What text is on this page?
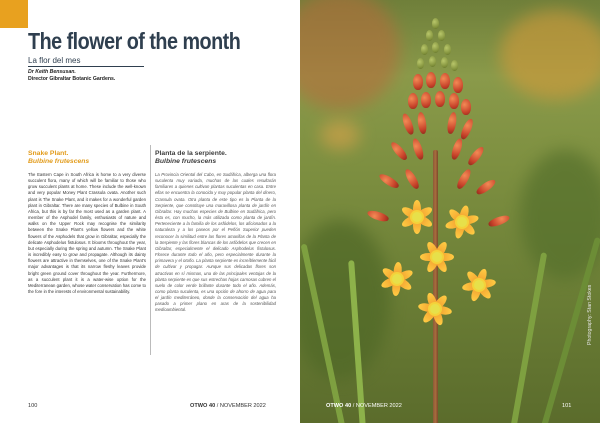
The flower of the month
La flor del mes
Dr Keith Bensusan.
Director Gibraltar Botanic Gardens.
Snake Plant.
Bulbine frutescens
The Eastern Cape in South Africa is home to a very diverse succulent flora, many of which will be familiar to those who grow succulent plants at home. These include the well-known and very popular Money Plant Crassula ovata. Another such plant is The Snake Plant, and it makes for a wonderful garden plant in Gibraltar. There are many species of Bulbine in South Africa, but this is by far the most used as a garden plant. A member of the Asphodel family, enthusiasts of nature and walks on the Upper Rock may recognise the similarity between the Snake Plant's yellow flowers and the white flowers of the Asphodels that grow in Gibraltar, especially the delicate Asphodelus fistulosus. It blooms throughout the year, but especially during the spring and autumn. The Snake Plant is incredibly easy to grow and propagate. Although its dainty flowers are attractive in themselves, one of the Snake Plant's major advantages is that its narrow fleshy leaves provide bright green ground cover throughout the year. Furthermore, as a succulent plant it is a water-wise option for the Mediterranean garden, whose water conservation has come to the fore in the interests of environmental sustainability.
Planta de la serpiente.
Bulbine frutescens
La Provincia Oriental del Cabo, en Sudáfrica, alberga una flora suculenta muy variada, muchas de las cuales resultarán familiares a quienes cultivan plantas suculentas en casa. Entre ellas se encuentra la conocida y muy popular planta del dinero, Crassula ovata. Otra planta de este tipo es la Planta de la Serpiente, que constituye una maravillosa planta de jardín en Gibraltar. Hay muchas especies de Bulbine en Sudáfrica, pero ésta es, con mucho, la más utilizada como planta de jardín. Perteneciente a la familia de los asfódelos, los aficionados a la naturaleza y a los paseos por el Peñón Superior pueden reconocer la similitud entre las flores amarillas de la Planta de la Serpiente y las flores blancas de los asfódelos que crecen en Gibraltar, especialmente el delicado Asphodelus fistulosus. Florece durante todo el año, pero especialmente durante la primavera y el otoño. La planta serpiente es increíblemente fácil de cultivar y propagar. Aunque sus delicadas flores son atractivas en sí mismas, una de las principales ventajas de la planta serpiente es que sus estrechas hojas carnosas cubren el suelo de color verde brillante durante todo el año. Además, como planta suculenta, es una opción de ahorro de agua para el jardín mediterráneo, donde la conservación del agua ha pasado a primer plano en aras de la sostenibilidad medioambiental.
100	OTWO 40 / NOVEMBER 2022
Photography: Stan Stokes
OTWO 40 / NOVEMBER 2022	101
